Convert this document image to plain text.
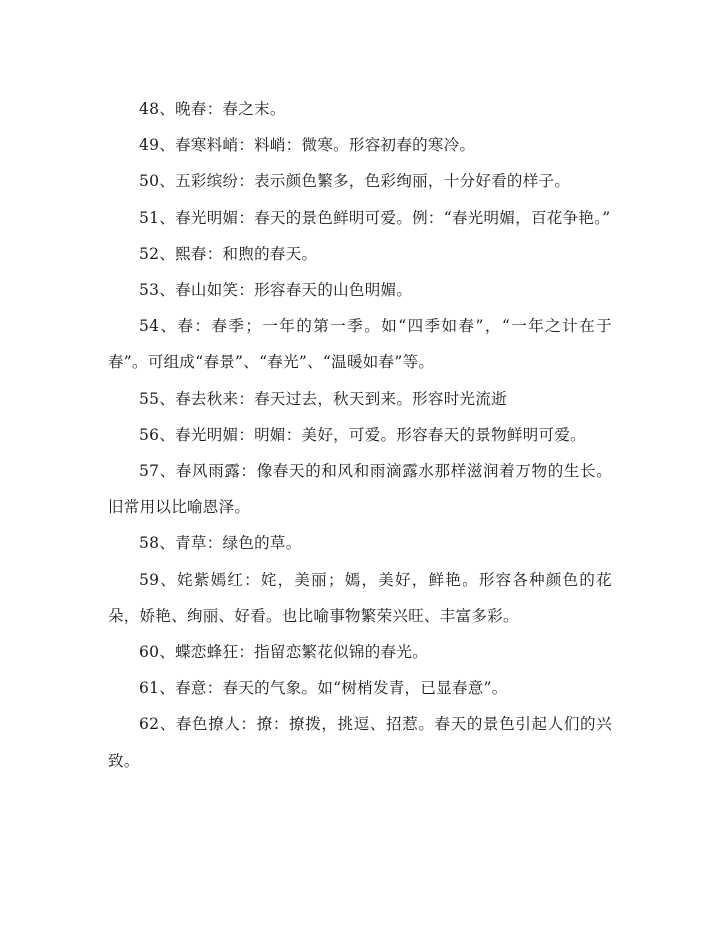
48、晚春：春之末。

49、春寒料峭：料峭：微寒。形容初春的寒冷。

50、五彩缤纷：表示颜色繁多，色彩绚丽，十分好看的样子。

51、春光明媚：春天的景色鲜明可爱。例：“春光明媚，百花争艳。”

52、熙春：和煦的春天。

53、春山如笑：形容春天的山色明媚。

54、春：春季；一年的第一季。如“四季如春”，“一年之计在于春”。可组成“春景”、“春光”、“温暖如春”等。

55、春去秋来：春天过去，秋天到来。形容时光流逝

56、春光明媚：明媚：美好，可爱。形容春天的景物鲜明可爱。

57、春风雨露：像春天的和风和雨滴露水那样滋润着万物的生长。旧常用以比喻恩泽。

58、青草：绿色的草。

59、姹紫嫣红：姹，美丽；嫣，美好，鲜艳。形容各种颜色的花朵，娇艳、绚丽、好看。也比喻事物繁荣兴旺、丰富多彩。

60、蝶恋蜂狂：指留恋繁花似锦的春光。

61、春意：春天的气象。如“树梢发青，已显春意”。

62、春色撩人：撩：撩拨，挑逗、招惹。春天的景色引起人们的兴致。
